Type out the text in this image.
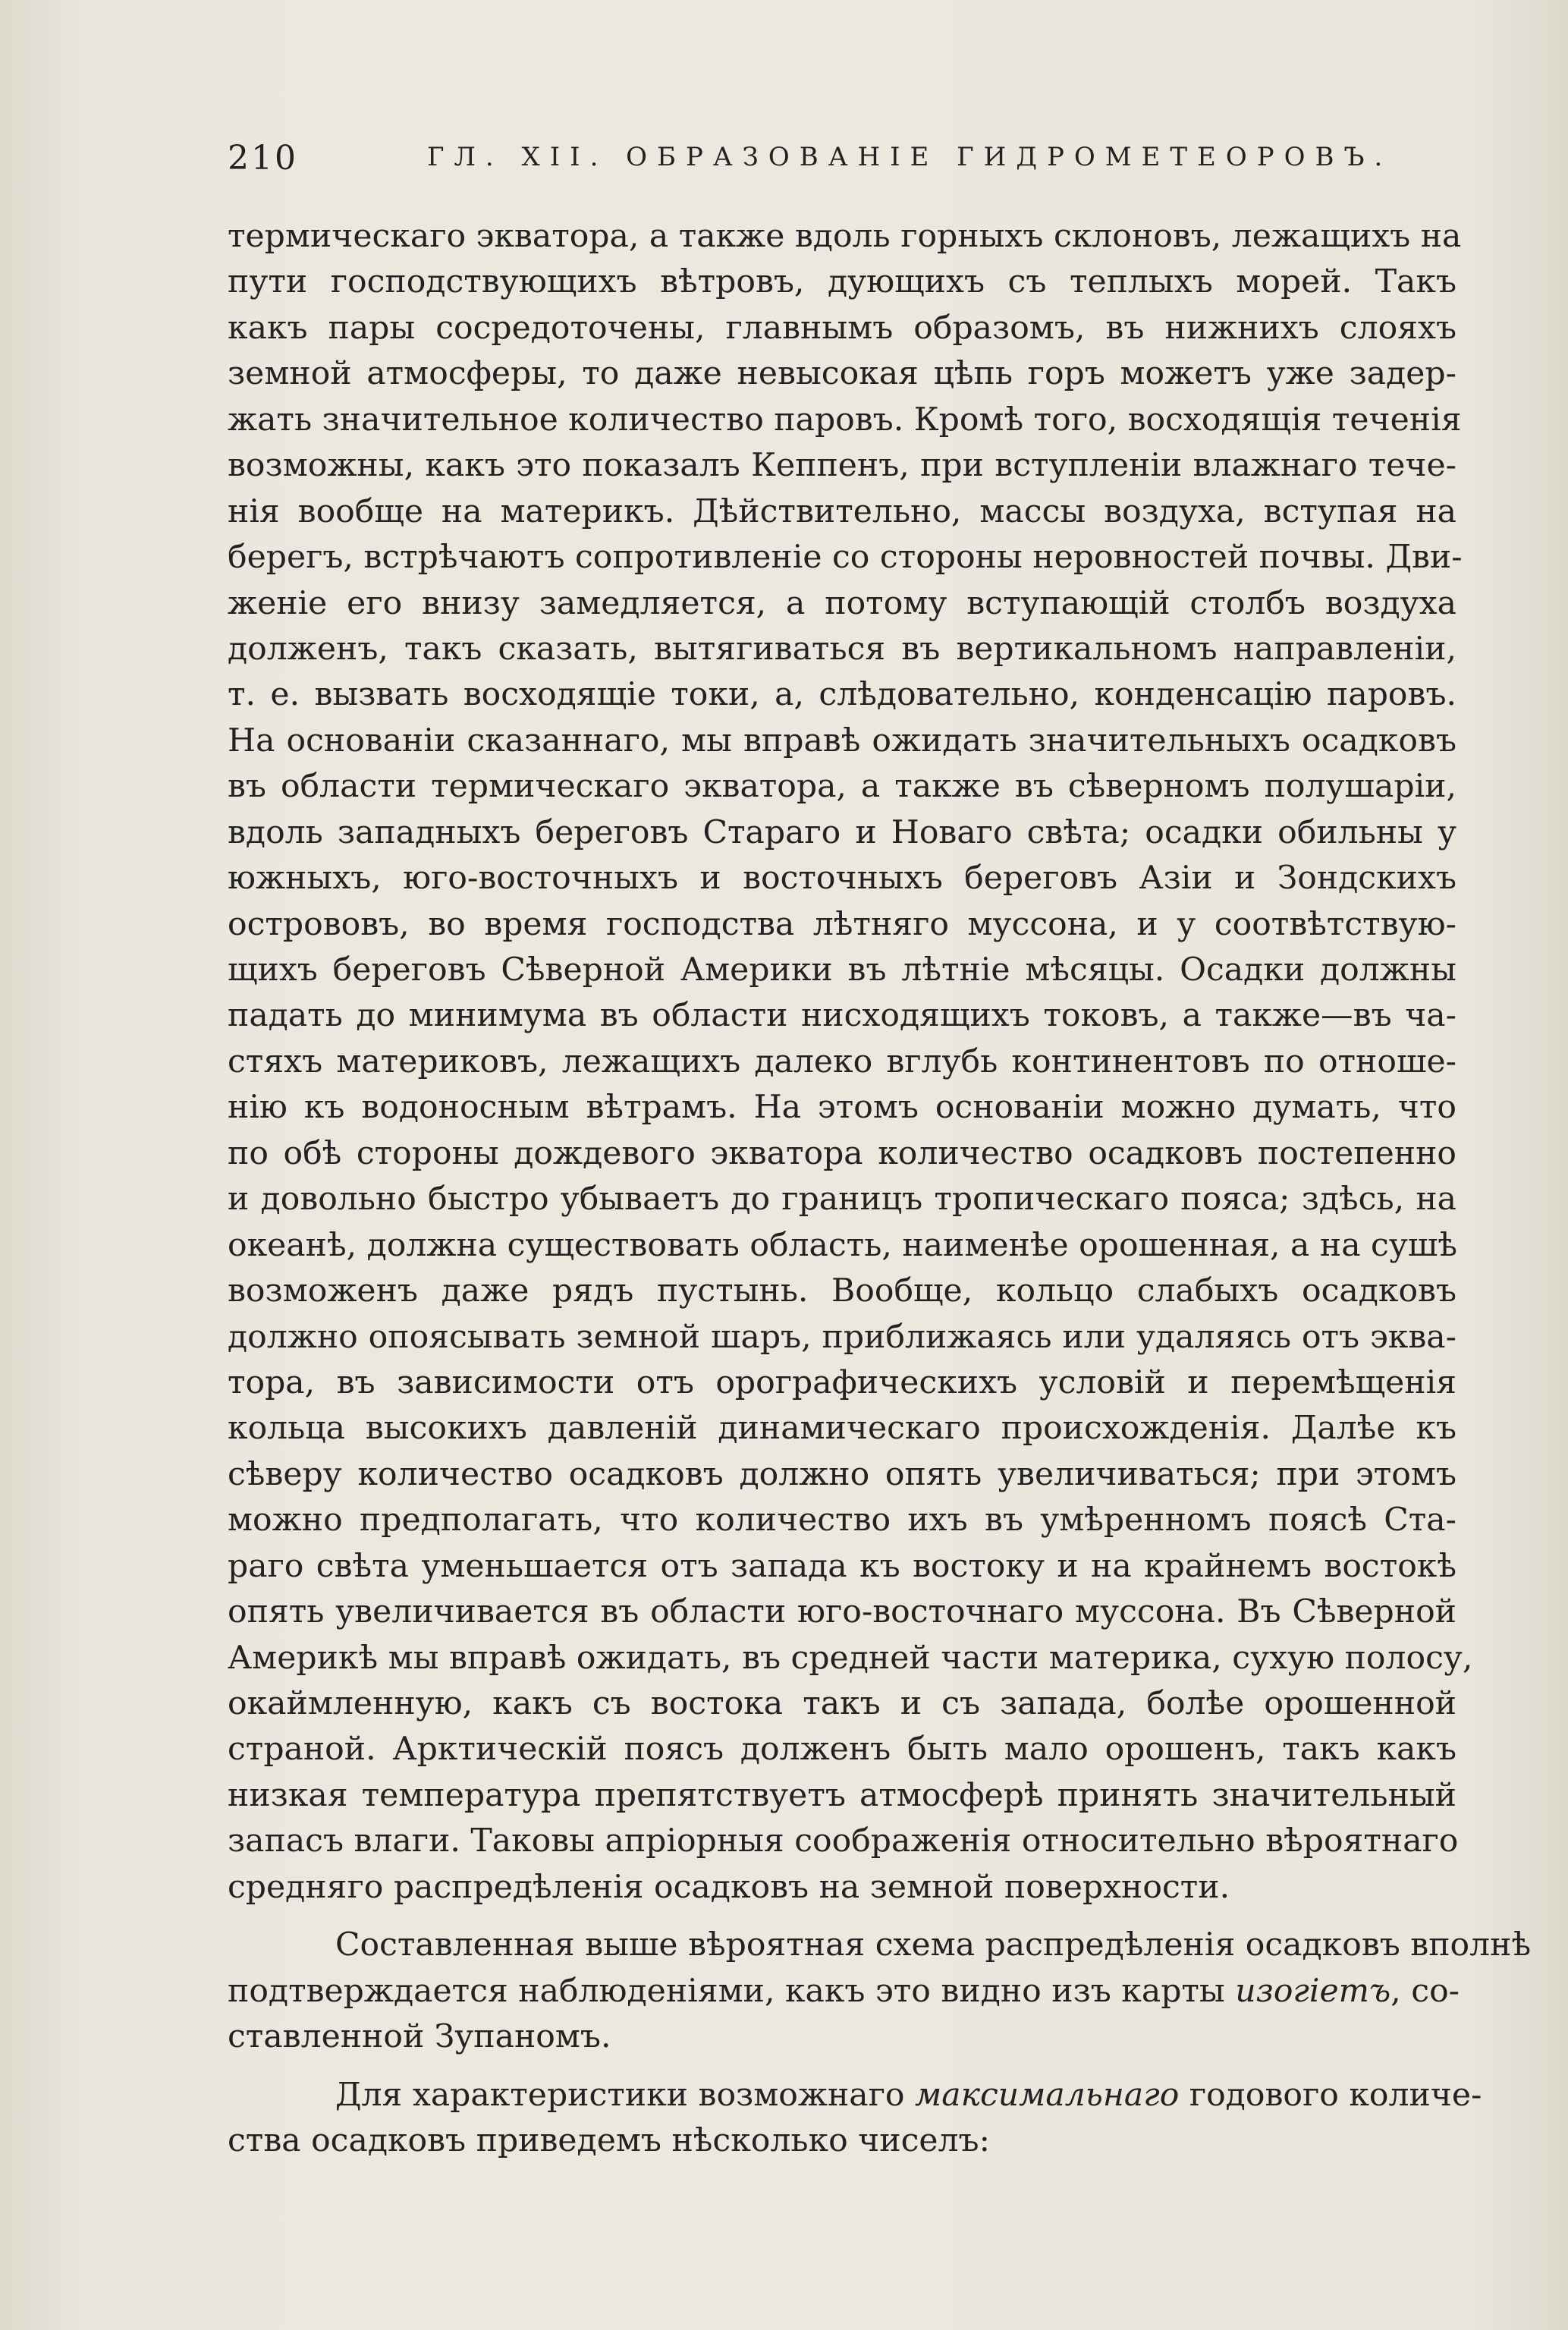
210	ГЛ. XII. ОБРАЗОВАНІЕ ГИДРОМЕТЕОРОВЪ.
термическаго экватора, а также вдоль горныхъ склоновъ, лежащихъ на
пути господствующихъ вѣтровъ, дующихъ съ теплыхъ морей. Такъ
какъ пары сосредоточены, главнымъ образомъ, въ нижнихъ слояхъ
земной атмосферы, то даже невысокая цѣпь горъ можетъ уже задер-
жать значительное количество паровъ. Кромѣ того, восходящія теченія
возможны, какъ это показалъ Кеппенъ, при вступленіи влажнаго тече-
нія вообще на материкъ. Дѣйствительно, массы воздуха, вступая на
берегъ, встрѣчаютъ сопротивленіе со стороны неровностей почвы. Дви-
женіе его внизу замедляется, а потому вступающій столбъ воздуха
долженъ, такъ сказать, вытягиваться въ вертикальномъ направленіи,
т. е. вызвать восходящіе токи, а, слѣдовательно, конденсацію паровъ.
На основаніи сказаннаго, мы вправѣ ожидать значительныхъ осадковъ
въ области термическаго экватора, а также въ сѣверномъ полушаріи,
вдоль западныхъ береговъ Стараго и Новаго свѣта; осадки обильны у
южныхъ, юго-восточныхъ и восточныхъ береговъ Азіи и Зондскихъ
острововъ, во время господства лѣтняго муссона, и у соотвѣтствую-
щихъ береговъ Сѣверной Америки въ лѣтніе мѣсяцы. Осадки должны
падать до минимума въ области нисходящихъ токовъ, а также—въ ча-
стяхъ материковъ, лежащихъ далеко вглубь континентовъ по отноше-
нію къ водоносным вѣтрамъ. На этомъ основаніи можно думать, что
по обѣ стороны дождевого экватора количество осадковъ постепенно
и довольно быстро убываетъ до границъ тропическаго пояса; здѣсь, на
океанѣ, должна существовать область, наименѣе орошенная, а на сушѣ
возможенъ даже рядъ пустынь. Вообще, кольцо слабыхъ осадковъ
должно опоясывать земной шаръ, приближаясь или удаляясь отъ эква-
тора, въ зависимости отъ орографическихъ условій и перемѣщенія
кольца высокихъ давленій динамическаго происхожденія. Далѣе къ
сѣверу количество осадковъ должно опять увеличиваться; при этомъ
можно предполагать, что количество ихъ въ умѣренномъ поясѣ Ста-
раго свѣта уменьшается отъ запада къ востоку и на крайнемъ востокѣ
опять увеличивается въ области юго-восточнаго муссона. Въ Сѣверной
Америкѣ мы вправѣ ожидать, въ средней части материка, сухую полосу,
окаймленную, какъ съ востока такъ и съ запада, болѣе орошенной
страной. Арктическій поясъ долженъ быть мало орошенъ, такъ какъ
низкая температура препятствуетъ атмосферѣ принять значительный
запасъ влаги. Таковы апріорныя соображенія относительно вѣроятнаго
средняго распредѣленія осадковъ на земной поверхности.
Составленная выше вѣроятная схема распредѣленія осадковъ вполнѣ
подтверждается наблюденіями, какъ это видно изъ карты изогіетъ, со-
ставленной Зупаномъ.
Для характеристики возможнаго максимальнаго годового количе-
ства осадковъ приведемъ нѣсколько чиселъ:
